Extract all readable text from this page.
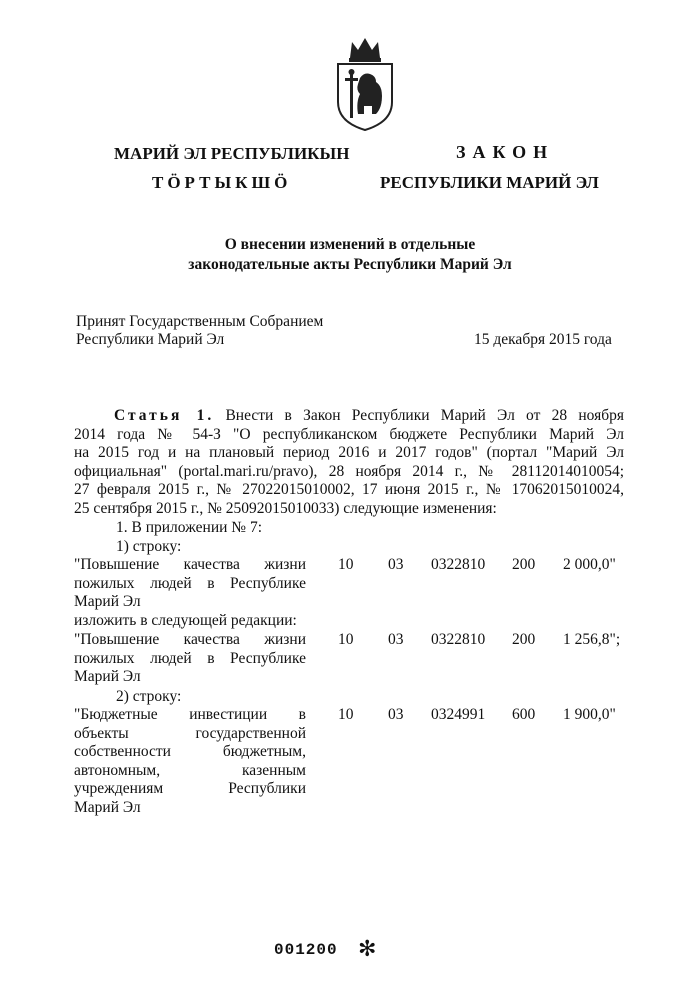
МАРИЙ ЭЛ РЕСПУБЛИКЫН
ТӦРТЫКШӦ
ЗАКОН
РЕСПУБЛИКИ МАРИЙ ЭЛ
О внесении изменений в отдельные
законодательные акты Республики Марий Эл
Принят Государственным Собранием
Республики Марий Эл	15 декабря 2015 года
Статья 1. Внести в Закон Республики Марий Эл от 28 ноября
2014 года № 54-З "О республиканском бюджете Республики Марий Эл
на 2015 год и на плановый период 2016 и 2017 годов" (портал "Марий Эл
официальная" (portal.mari.ru/pravo), 28 ноября 2014 г., № 28112014010054;
27 февраля 2015 г., № 27022015010002, 17 июня 2015 г., № 17062015010024,
25 сентября 2015 г., № 25092015010033) следующие изменения:
1. В приложении № 7:
1) строку:
"Повышение качества жизни
пожилых людей в Республике
Марий Эл
10 03 0322810 200 2 000,0"
изложить в следующей редакции:
"Повышение качества жизни
пожилых людей в Республике
Марий Эл
10 03 0322810 200 1 256,8";
2) строку:
"Бюджетные инвестиции в
объекты государственной
собственности бюджетным,
автономным, казенным
учреждениям Республики
Марий Эл
10 03 0324991 600 1 900,0"
001200 ✻
